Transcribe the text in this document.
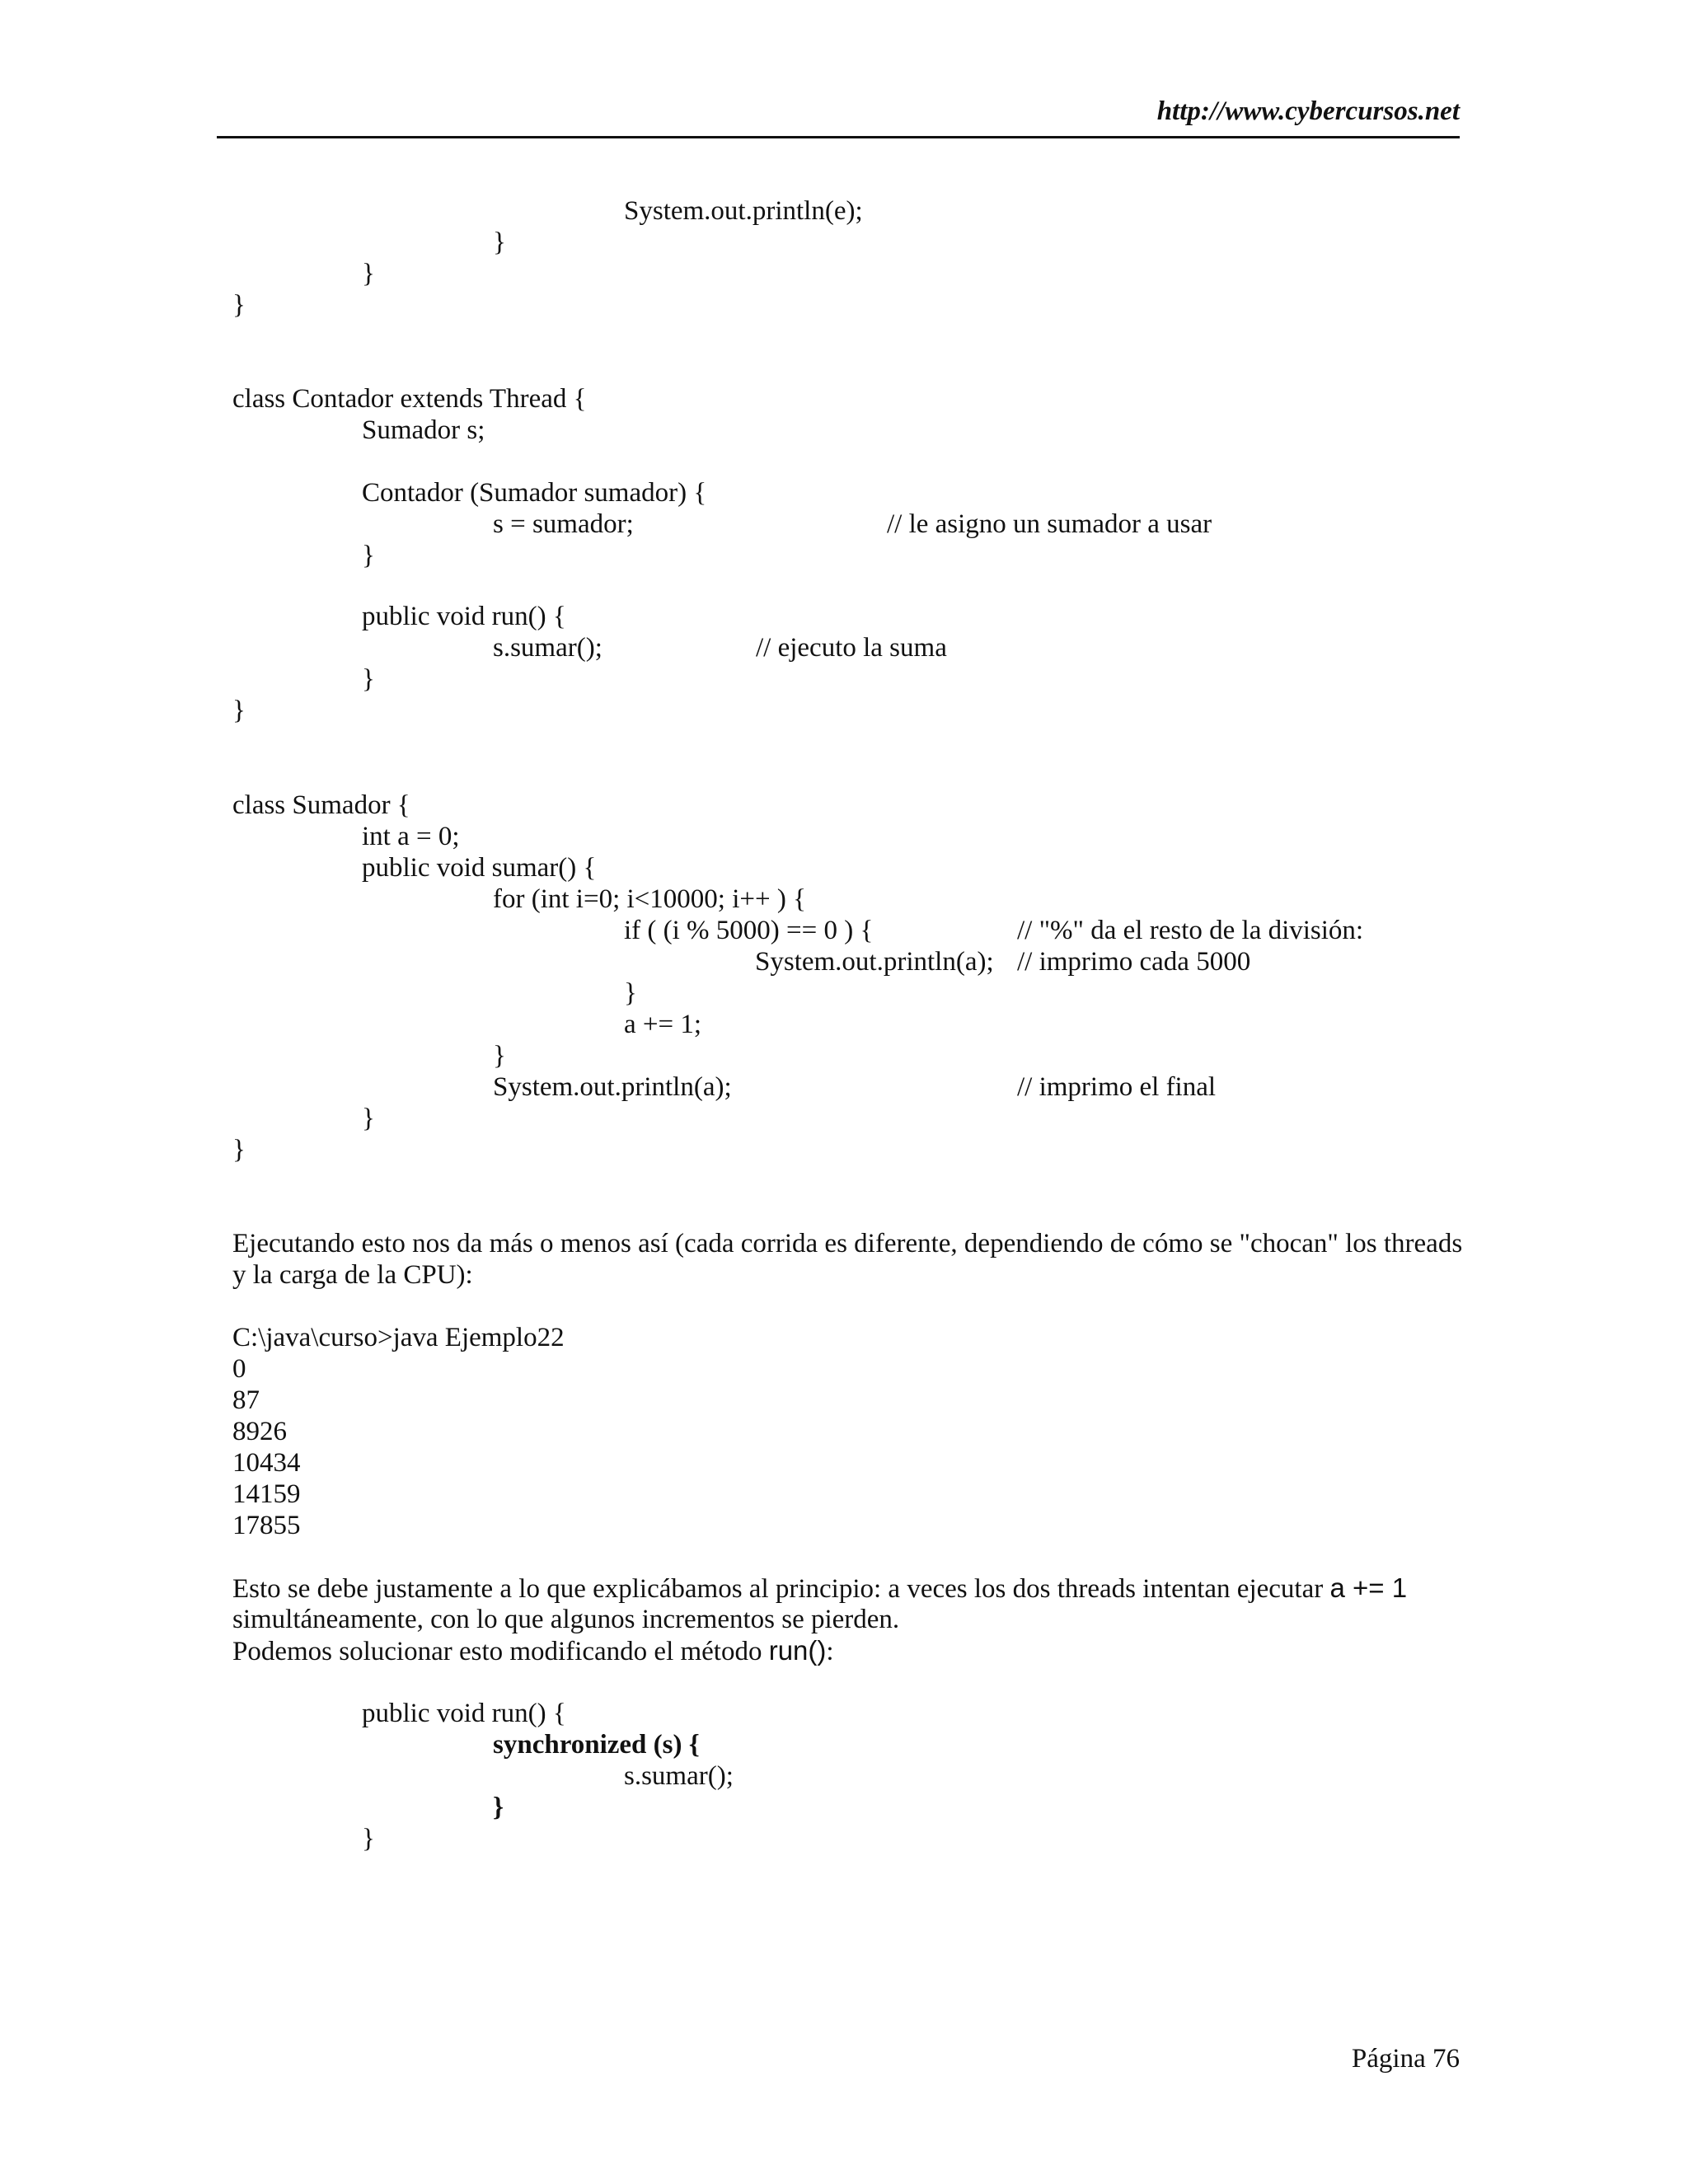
http://www.cybercursos.net
System.out.println(e);
}
}
}
class Contador extends Thread {
Sumador s;
Contador (Sumador sumador) {
s = sumador;	// le asigno un sumador a usar
}
public void run() {
s.sumar();	// ejecuto la suma
}
}
class Sumador {
int a = 0;
public void sumar() {
for (int i=0; i<10000; i++ ) {
if ( (i % 5000) == 0 ) {	// "%" da el resto de la división:
System.out.println(a); // imprimo cada 5000
}
a += 1;
}
System.out.println(a);	// imprimo el final
}
}

Ejecutando esto nos da más o menos así (cada corrida es diferente, dependiendo de cómo se "chocan" los threads y la carga de la CPU):

C:\java\curso>java Ejemplo22
0
87
8926
10434
14159
17855
Esto se debe justamente a lo que explicábamos al principio: a veces los dos threads intentan ejecutar a += 1
simultáneamente, con lo que algunos incrementos se pierden.
Podemos solucionar esto modificando el método run():
public void run() {
synchronized (s) {
s.sumar();
}
}
Página 76
